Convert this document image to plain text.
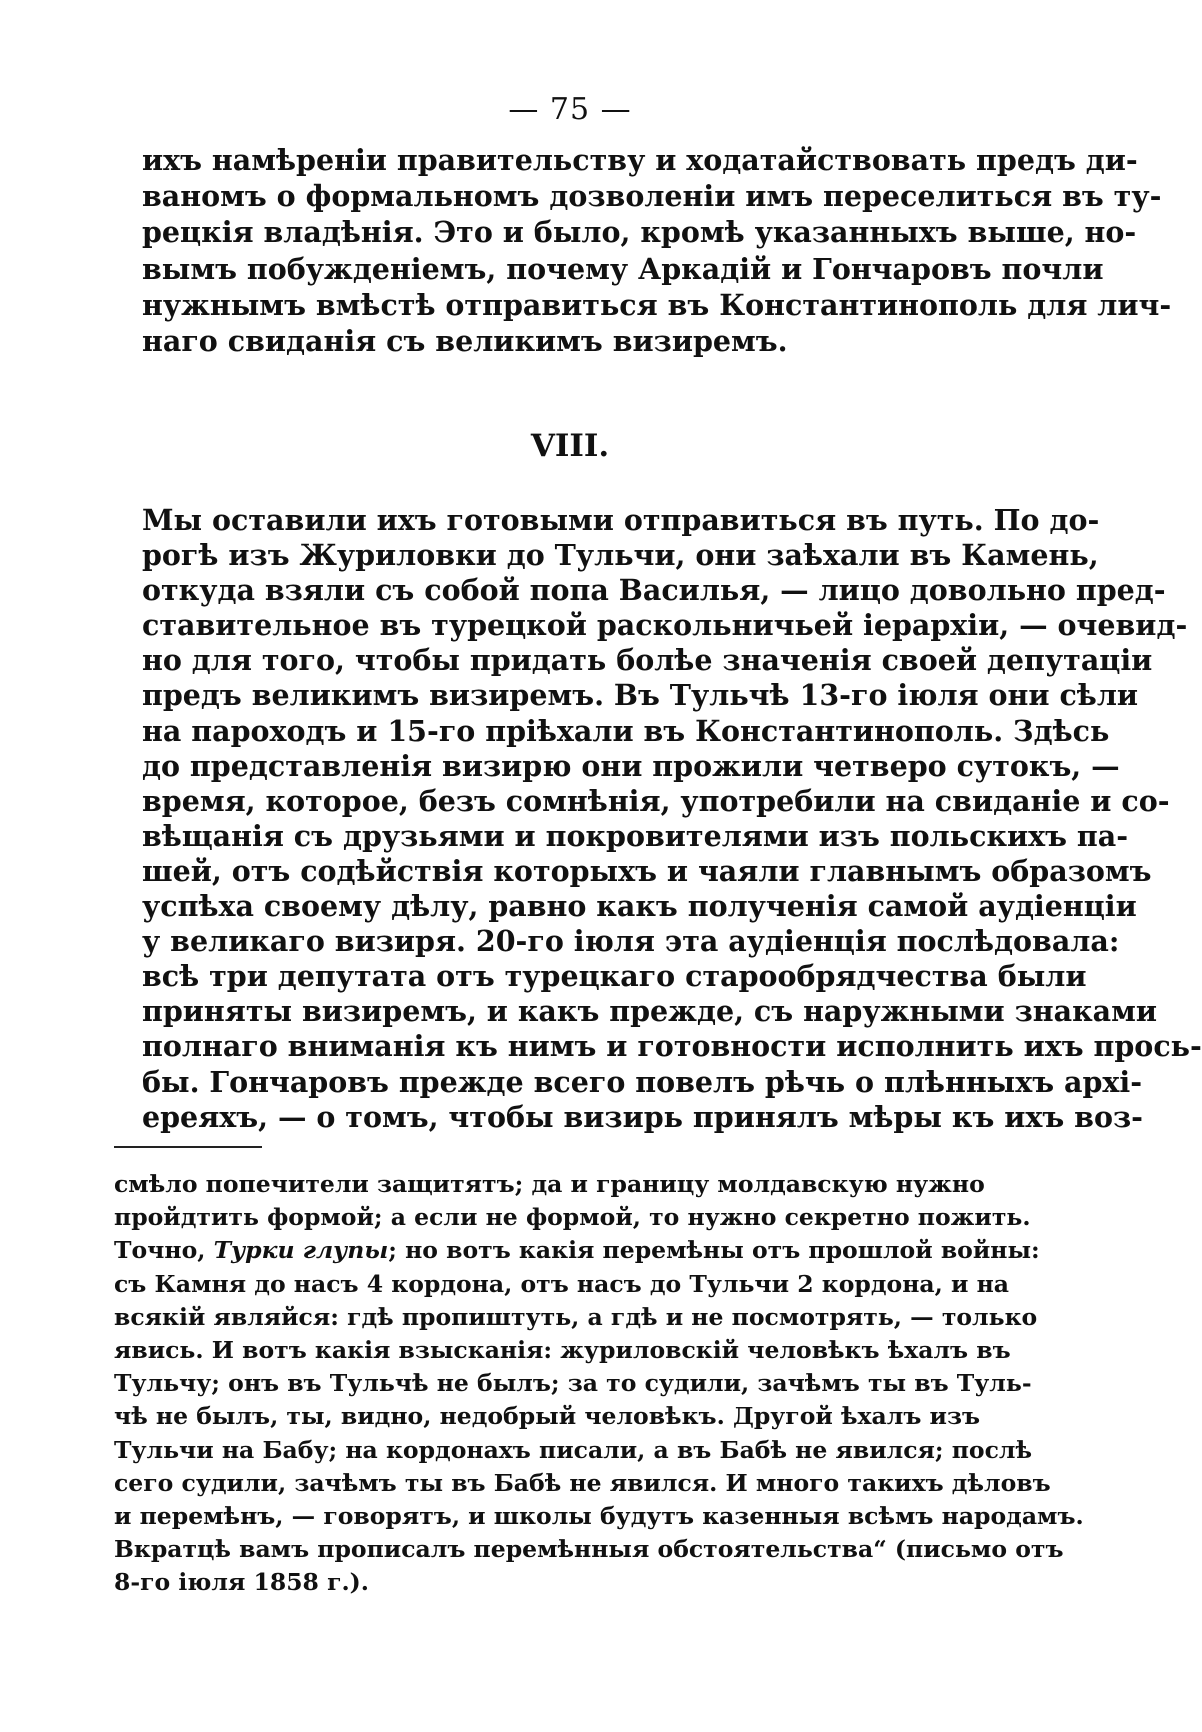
— 75 —
ихъ намѣреніи правительству и ходатайствовать предъ ди-
ваномъ о формальномъ дозволеніи имъ переселиться въ ту-
рецкія владѣнія. Это и было, кромѣ указанныхъ выше, но-
вымъ побужденіемъ, почему Аркадій и Гончаровъ почли
нужнымъ вмѣстѣ отправиться въ Константинополь для лич-
наго свиданія съ великимъ визиремъ.
VIII.
Мы оставили ихъ готовыми отправиться въ путь. По до-
рогѣ изъ Журиловки до Тульчи, они заѣхали въ Камень,
откуда взяли съ собой попа Василья, — лицо довольно пред-
ставительное въ турецкой раскольничьей іерархіи, — очевид-
но для того, чтобы придать болѣе значенія своей депутаціи
предъ великимъ визиремъ. Въ Тульчѣ 13-го іюля они сѣли
на пароходъ и 15-го пріѣхали въ Константинополь. Здѣсь
до представленія визирю они прожили четверо сутокъ, —
время, которое, безъ сомнѣнія, употребили на свиданіе и со-
вѣщанія съ друзьями и покровителями изъ польскихъ па-
шей, отъ содѣйствія которыхъ и чаяли главнымъ образомъ
успѣха своему дѣлу, равно какъ полученія самой аудіенціи
у великаго визиря. 20-го іюля эта аудіенція послѣдовала:
всѣ три депутата отъ турецкаго старообрядчества были
приняты визиремъ, и какъ прежде, съ наружными знаками
полнаго вниманія къ нимъ и готовности исполнить ихъ прось-
бы. Гончаровъ прежде всего повелъ рѣчь о плѣнныхъ архі-
ереяхъ, — о томъ, чтобы визирь принялъ мѣры къ ихъ воз-
смѣло попечители защитятъ; да и границу молдавскую нужно
пройдтить формой; а если не формой, то нужно секретно пожить.
Точно, Турки глупы; но вотъ какія перемѣны отъ прошлой войны:
съ Камня до насъ 4 кордона, отъ насъ до Тульчи 2 кордона, и на
всякій являйся: гдѣ пропиштуть, а гдѣ и не посмотрять, — только
явись. И вотъ какія взысканія: журиловскій человѣкъ ѣхалъ въ
Тульчу; онъ въ Тульчѣ не былъ; за то судили, зачѣмъ ты въ Туль-
чѣ не былъ, ты, видно, недобрый человѣкъ. Другой ѣхалъ изъ
Тульчи на Бабу; на кордонахъ писали, а въ Бабѣ не явился; послѣ
сего судили, зачѣмъ ты въ Бабѣ не явился. И много такихъ дѣловъ
и перемѣнъ, — говорятъ, и школы будутъ казенныя всѣмъ народамъ.
Вкратцѣ вамъ прописалъ перемѣнныя обстоятельства“ (письмо отъ
8-го іюля 1858 г.).
